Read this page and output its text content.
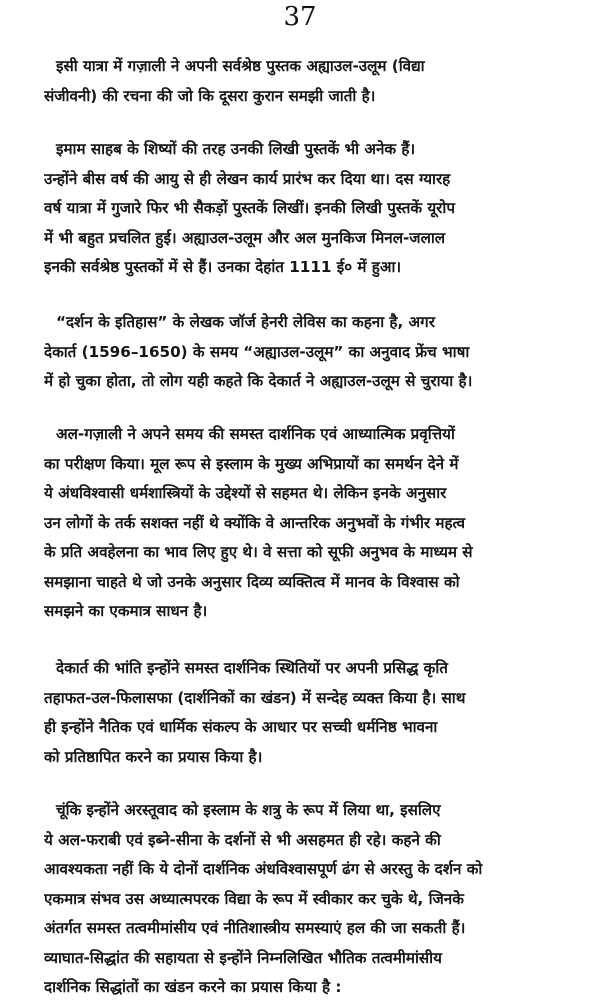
37
इसी यात्रा में गज़ाली ने अपनी सर्वश्रेष्ठ पुस्तक अह्याउल-उलूम (विद्या
संजीवनी) की रचना की जो कि दूसरा कुरान समझी जाती है।
इमाम साहब के शिष्यों की तरह उनकी लिखी पुस्तकें भी अनेक हैं।
उन्होंने बीस वर्ष की आयु से ही लेखन कार्य प्रारंभ कर दिया था। दस ग्यारह
वर्ष यात्रा में गुजारे फिर भी सैकड़ों पुस्तकें लिखीं। इनकी लिखी पुस्तकें यूरोप
में भी बहुत प्रचलित हुई। अह्याउल-उलूम और अल मुनकिज मिनल-जलाल
इनकी सर्वश्रेष्ठ पुस्तकों में से हैं। उनका देहांत 1111 ई० में हुआ।
“दर्शन के इतिहास” के लेखक जॉर्ज हेनरी लेविस का कहना है, अगर
देकार्त (1596–1650) के समय “अह्याउल-उलूम” का अनुवाद फ्रेंच भाषा
में हो चुका होता, तो लोग यही कहते कि देकार्त ने अह्याउल-उलूम से चुराया है।
अल-गज़ाली ने अपने समय की समस्त दार्शनिक एवं आध्यात्मिक प्रवृत्तियों
का परीक्षण किया। मूल रूप से इस्लाम के मुख्य अभिप्रायों का समर्थन देने में
ये अंधविश्वासी धर्मशास्त्रियों के उद्देश्यों से सहमत थे। लेकिन इनके अनुसार
उन लोगों के तर्क सशक्त नहीं थे क्योंकि वे आन्तरिक अनुभवों के गंभीर महत्व
के प्रति अवहेलना का भाव लिए हुए थे। वे सत्ता को सूफी अनुभव के माध्यम से
समझाना चाहते थे जो उनके अनुसार दिव्य व्यक्तित्व में मानव के विश्वास को
समझने का एकमात्र साधन है।
देकार्त की भांति इन्होंने समस्त दार्शनिक स्थितियों पर अपनी प्रसिद्ध कृति
तहाफत-उल-फिलासफा (दार्शनिकों का खंडन) में सन्देह व्यक्त किया है। साथ
ही इन्होंने नैतिक एवं धार्मिक संकल्प के आधार पर सच्ची धर्मनिष्ठ भावना
को प्रतिष्ठापित करने का प्रयास किया है।
चूंकि इन्होंने अरस्तूवाद को इस्लाम के शत्रु के रूप में लिया था, इसलिए
ये अल-फराबी एवं इब्ने-सीना के दर्शनों से भी असहमत ही रहे। कहने की
आवश्यकता नहीं कि ये दोनों दार्शनिक अंधविश्वासपूर्ण ढंग से अरस्तु के दर्शन को
एकमात्र संभव उस अध्यात्मपरक विद्या के रूप में स्वीकार कर चुके थे, जिनके
अंतर्गत समस्त तत्वमीमांसीय एवं नीतिशास्त्रीय समस्याएं हल की जा सकती हैं।
व्याघात-सिद्धांत की सहायता से इन्होंने निम्नलिखित भौतिक तत्वमीमांसीय
दार्शनिक सिद्धांतों का खंडन करने का प्रयास किया है :
